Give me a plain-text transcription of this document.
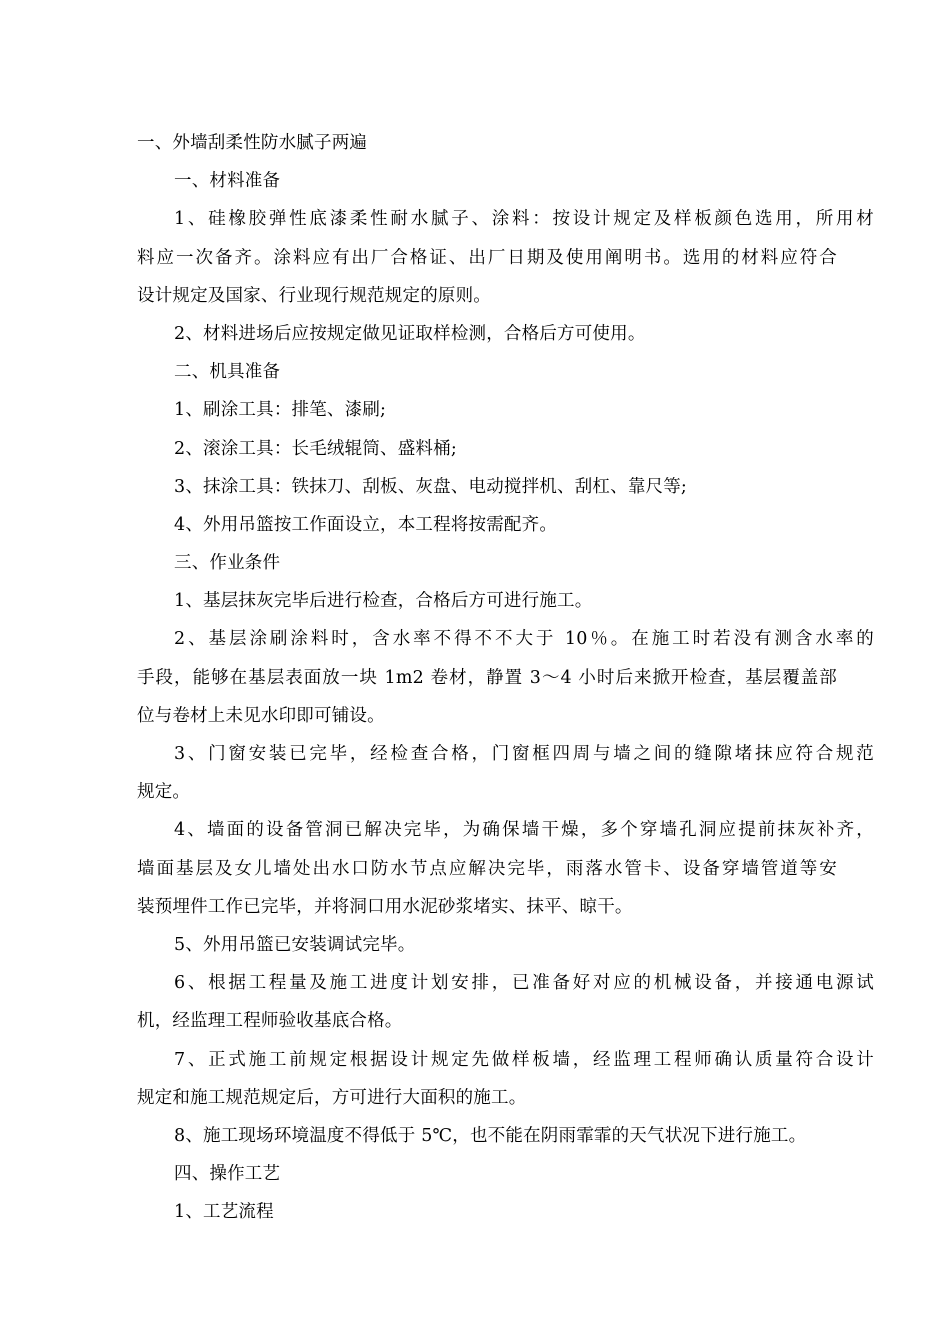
一、外墙刮柔性防水腻子两遍
一、材料准备
1、硅橡胶弹性底漆柔性耐水腻子、涂料：按设计规定及样板颜色选用，所用材
料应一次备齐。涂料应有出厂合格证、出厂日期及使用阐明书。选用的材料应符合
设计规定及国家、行业现行规范规定的原则。
2、材料进场后应按规定做见证取样检测，合格后方可使用。
二、机具准备
1、刷涂工具：排笔、漆刷;
2、滚涂工具：长毛绒辊筒、盛料桶;
3、抹涂工具：铁抹刀、刮板、灰盘、电动搅拌机、刮杠、靠尺等;
4、外用吊篮按工作面设立，本工程将按需配齐。
三、作业条件
1、基层抹灰完毕后进行检查，合格后方可进行施工。
2、基层涂刷涂料时，含水率不得不不大于 10％。在施工时若没有测含水率的
手段，能够在基层表面放一块 1m2 卷材，静置 3～4 小时后来掀开检查，基层覆盖部
位与卷材上未见水印即可铺设。
3、门窗安装已完毕，经检查合格，门窗框四周与墙之间的缝隙堵抹应符合规范
规定。
4、墙面的设备管洞已解决完毕，为确保墙干燥，多个穿墙孔洞应提前抹灰补齐，
墙面基层及女儿墙处出水口防水节点应解决完毕，雨落水管卡、设备穿墙管道等安
装预埋件工作已完毕，并将洞口用水泥砂浆堵实、抹平、晾干。
5、外用吊篮已安装调试完毕。
6、根据工程量及施工进度计划安排，已准备好对应的机械设备，并接通电源试
机，经监理工程师验收基底合格。
7、正式施工前规定根据设计规定先做样板墙，经监理工程师确认质量符合设计
规定和施工规范规定后，方可进行大面积的施工。
8、施工现场环境温度不得低于 5℃，也不能在阴雨霏霏的天气状况下进行施工。
四、操作工艺
1、工艺流程
